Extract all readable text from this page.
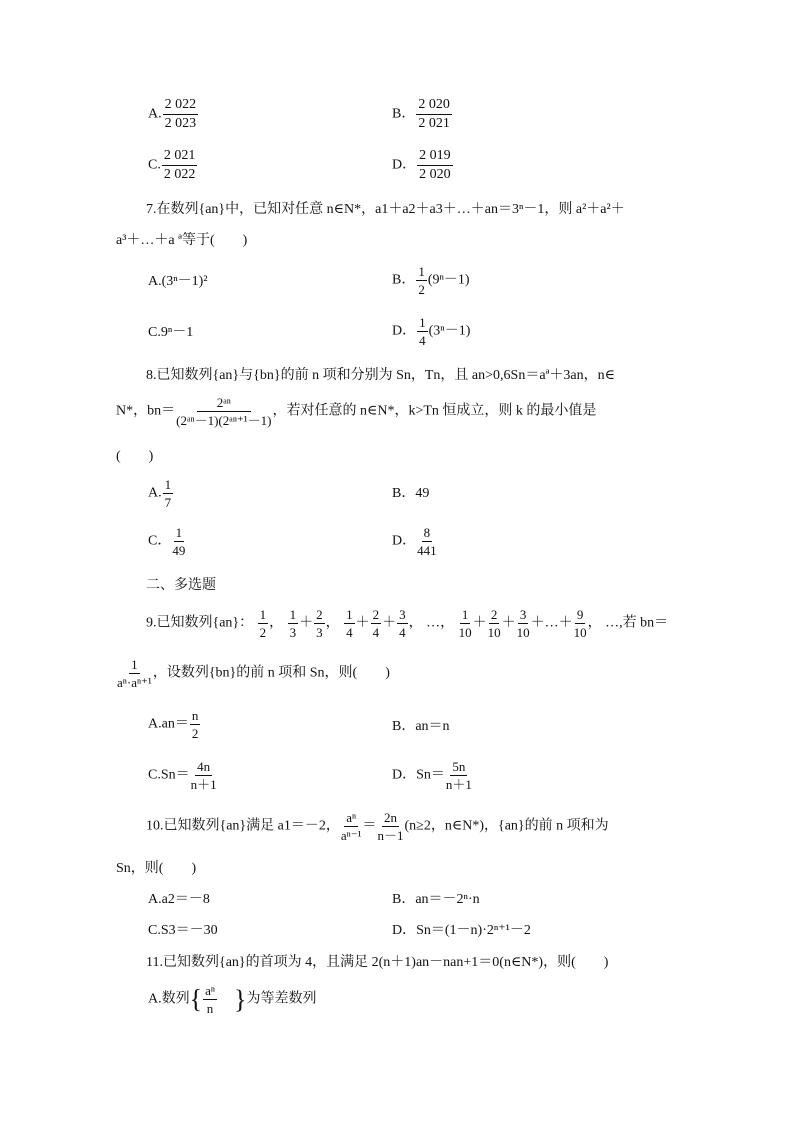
A. $\frac{2 022}{2 023}$	B． $\frac{2 020}{2 021}$
C. $\frac{2 021}{2 022}$	D． $\frac{2 019}{2 020}$
7.在数列{an}中，已知对任意 n∈N*，a1＋a2＋a3＋…＋an＝3ⁿ－1，则 a²＋a²＋
a³＋…＋a ª等于(　　)
A.(3ⁿ－1)²	B． $\frac{1}{2} (9^n-1)$
C.9ⁿ－1	D． $\frac{1}{4} (3^n-1)$
8.已知数列{an}与{bn}的前 n 项和分别为 Sn，Tn，且 an>0,6Sn＝aª＋3an，n∈
N*，$bn= \frac{\text{2ᵃⁿ}}{\text{(2ᵃⁿ－1)(2ᵃⁿ⁺¹－1)}}$ ，若对任意的 n∈N*，k>Tn 恒成立，则 k 的最小值是
(　　)
A. $\frac{1}{7}$	B．49
C． $\frac{1}{49}$	D． $\frac{8}{441}$
二、多选题
9.已知数列{an}： $\frac{1}{2}$ ， $\frac{1}{3} + \frac{2}{3}$ ， $\frac{1}{4} + \frac{2}{4} + \frac{3}{4}$ ， …， $\frac{1}{10} + \frac{2}{10} + \frac{3}{10}$ ＋…＋ $\frac{9}{10}$ ， …,若 bn＝
$\frac{1}{\text{aⁿ·aⁿ⁺¹}}$ ，设数列{bn}的前 n 项和 Sn，则(　　)
$A.an= \frac{n}{2}$	B．an＝n
$C.Sn= \frac{4n}{n+1}$	D．$Sn= \frac{5n}{n+1}$
10.已知数列{an}满足 a1＝－2， $\frac{\text{aⁿ}}{\text{aⁿ⁻¹}} = \frac{2n}{n-1} (n\ge 2$，n∈N*)，{an}的前 n 项和为
Sn，则(　　)
A.a2＝－8	B．an＝－2ⁿ·n
C.S3＝－30	D．Sn＝(1－n)·2ⁿ⁺¹－2
11.已知数列{an}的首项为 4，且满足 2(n＋1)an－nan+1＝0(n∈N*)，则(　　)
A.数列{ $\frac{\text{aⁿ}}{n}$ }为等差数列
